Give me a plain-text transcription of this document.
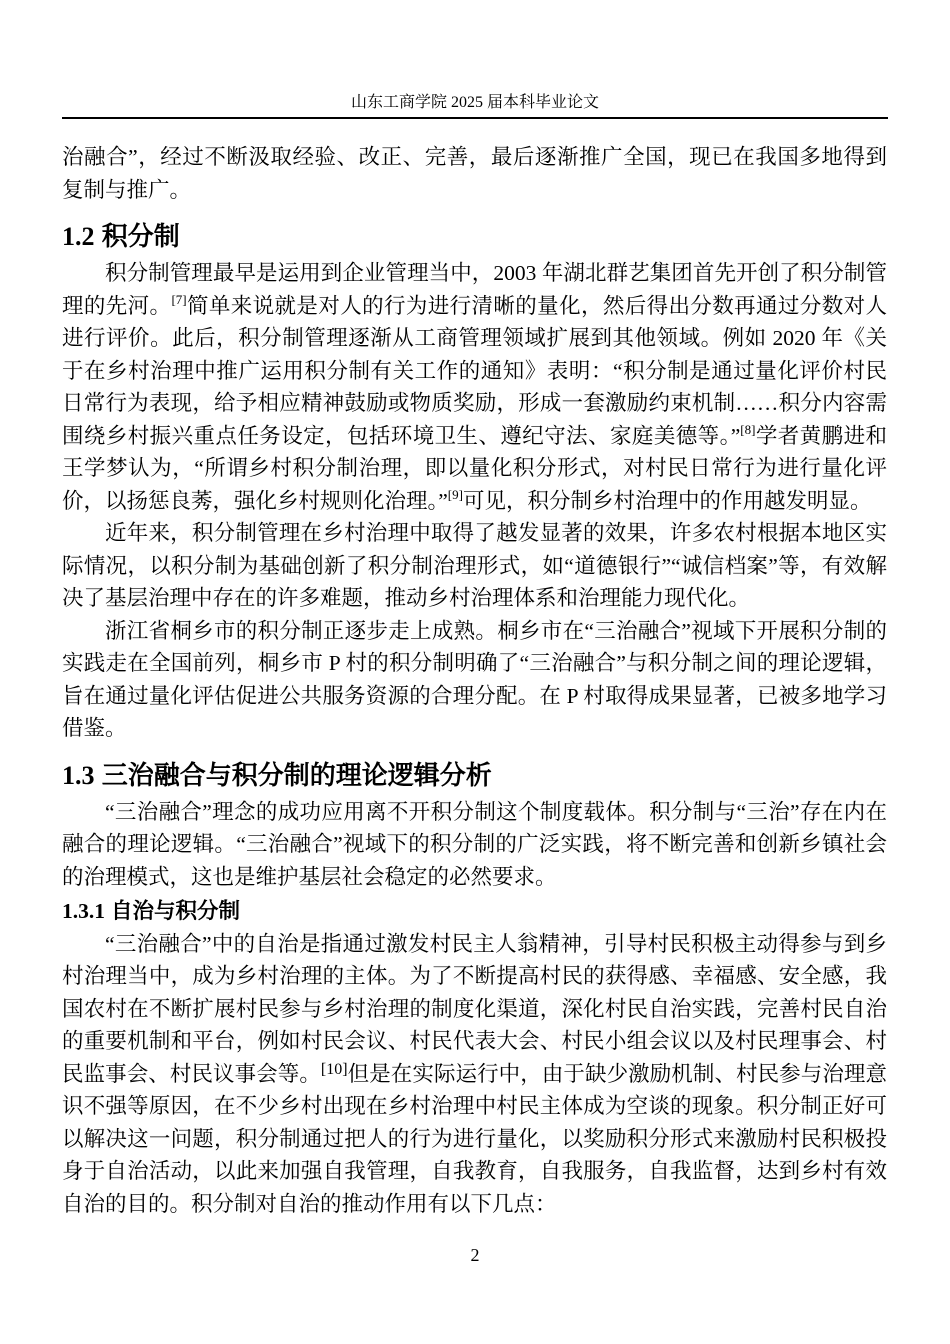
山东工商学院 2025 届本科毕业论文

治融合”，经过不断汲取经验、改正、完善，最后逐渐推广全国，现已在我国多地得到复制与推广。

1.2 积分制

积分制管理最早是运用到企业管理当中，2003 年湖北群艺集团首先开创了积分制管理的先河。[7]简单来说就是对人的行为进行清晰的量化，然后得出分数再通过分数对人进行评价。此后，积分制管理逐渐从工商管理领域扩展到其他领域。例如 2020 年《关于在乡村治理中推广运用积分制有关工作的通知》表明：“积分制是通过量化评价村民日常行为表现，给予相应精神鼓励或物质奖励，形成一套激励约束机制……积分内容需围绕乡村振兴重点任务设定，包括环境卫生、遵纪守法、家庭美德等。”[8]学者黄鹏进和王学梦认为，“所谓乡村积分制治理，即以量化积分形式，对村民日常行为进行量化评价，以扬惩良莠，强化乡村规则化治理。”[9]可见，积分制乡村治理中的作用越发明显。

近年来，积分制管理在乡村治理中取得了越发显著的效果，许多农村根据本地区实际情况，以积分制为基础创新了积分制治理形式，如“道德银行”“诚信档案”等，有效解决了基层治理中存在的许多难题，推动乡村治理体系和治理能力现代化。

浙江省桐乡市的积分制正逐步走上成熟。桐乡市在“三治融合”视域下开展积分制的实践走在全国前列，桐乡市 P 村的积分制明确了“三治融合”与积分制之间的理论逻辑，旨在通过量化评估促进公共服务资源的合理分配。在 P 村取得成果显著，已被多地学习借鉴。

1.3 三治融合与积分制的理论逻辑分析

“三治融合”理念的成功应用离不开积分制这个制度载体。积分制与“三治”存在内在融合的理论逻辑。“三治融合”视域下的积分制的广泛实践，将不断完善和创新乡镇社会的治理模式，这也是维护基层社会稳定的必然要求。

1.3.1 自治与积分制

“三治融合”中的自治是指通过激发村民主人翁精神，引导村民积极主动得参与到乡村治理当中，成为乡村治理的主体。为了不断提高村民的获得感、幸福感、安全感，我国农村在不断扩展村民参与乡村治理的制度化渠道，深化村民自治实践，完善村民自治的重要机制和平台，例如村民会议、村民代表大会、村民小组会议以及村民理事会、村民监事会、村民议事会等。[10]但是在实际运行中，由于缺少激励机制、村民参与治理意识不强等原因，在不少乡村出现在乡村治理中村民主体成为空谈的现象。积分制正好可以解决这一问题，积分制通过把人的行为进行量化，以奖励积分形式来激励村民积极投身于自治活动，以此来加强自我管理，自我教育，自我服务，自我监督，达到乡村有效自治的目的。积分制对自治的推动作用有以下几点：

2
